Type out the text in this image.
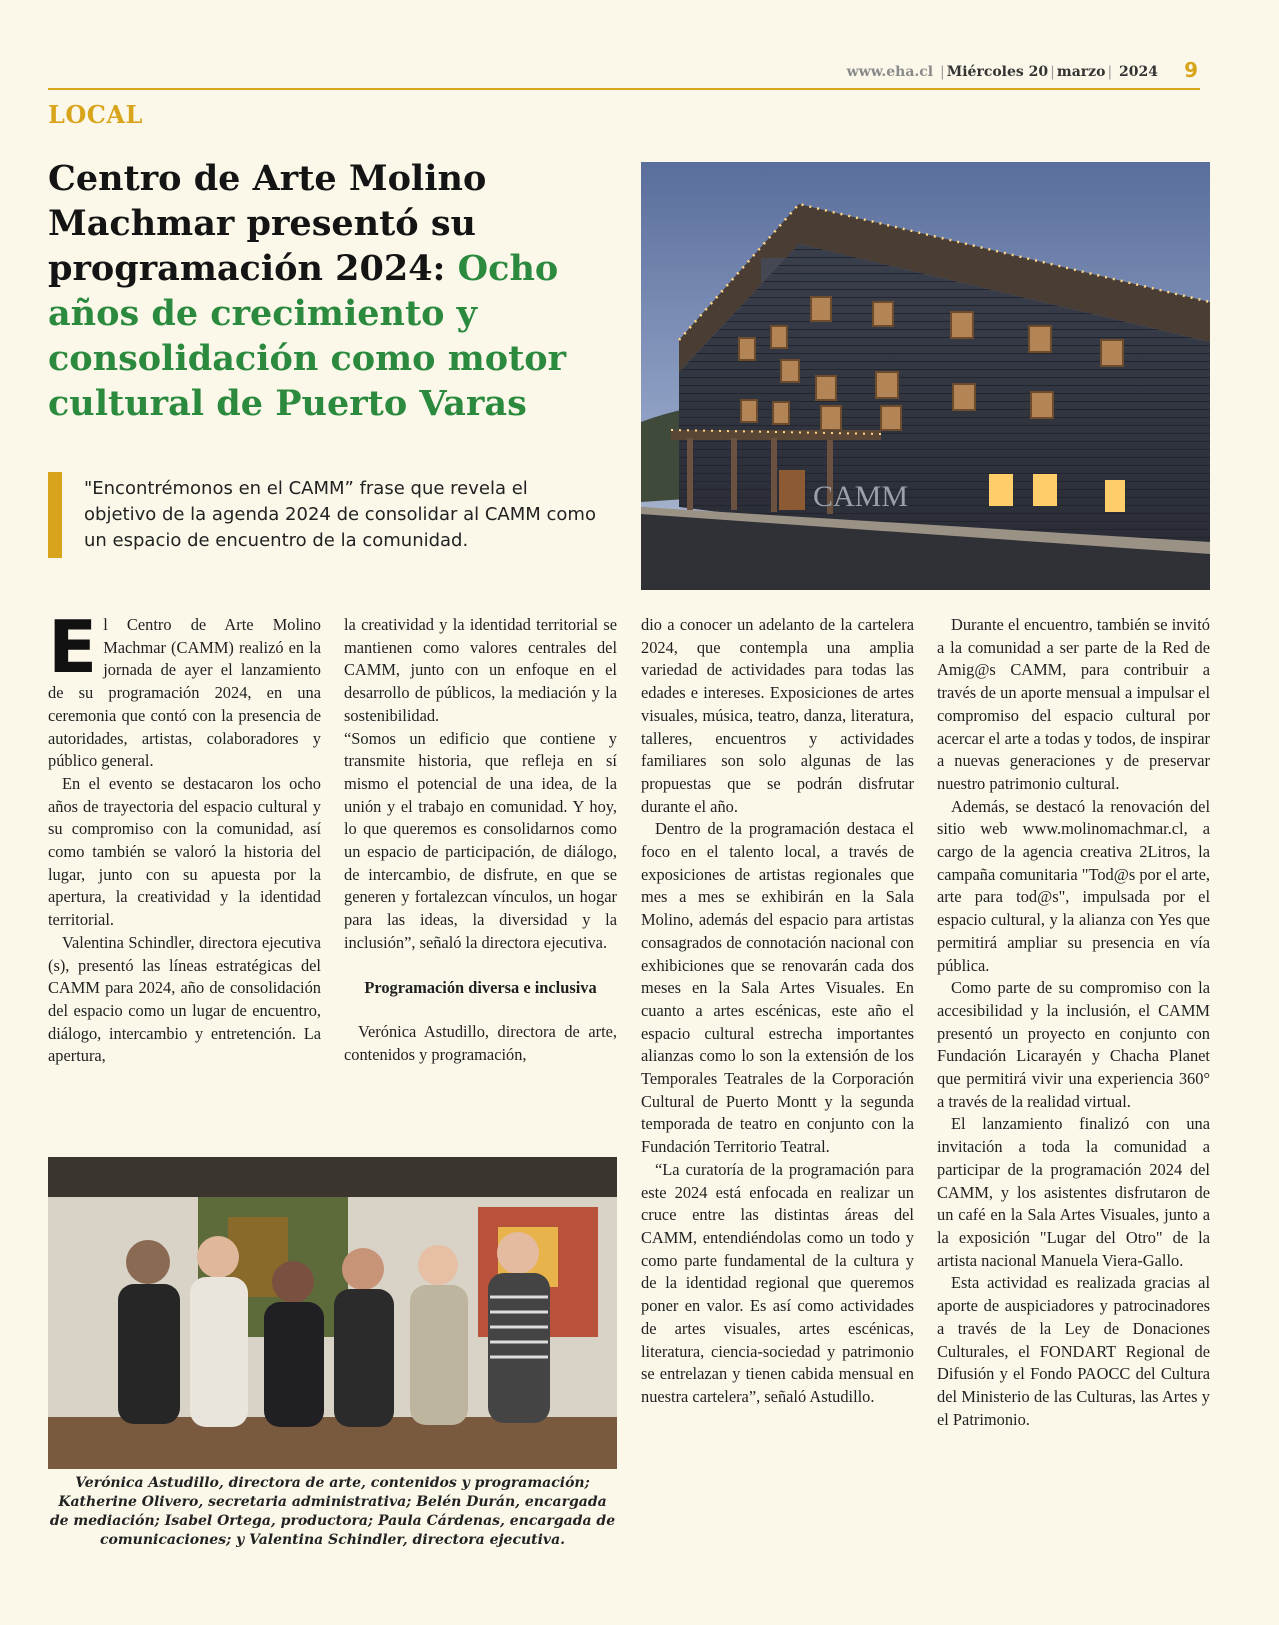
www.eha.cl | Miércoles 20 | marzo | 2024 9
LOCAL
Centro de Arte Molino Machmar presentó su programación 2024: Ocho años de crecimiento y consolidación como motor cultural de Puerto Varas
CAMM
"Encontrémonos en el CAMM” frase que revela el objetivo de la agenda 2024 de consolidar al CAMM como un espacio de encuentro de la comunidad.
E l Centro de Arte Molino Machmar (CAMM) realizó en la jornada de ayer el lanzamiento de su programación 2024, en una ceremonia que contó con la presencia de autoridades, artistas, colaboradores y público general.

En el evento se destacaron los ocho años de trayectoria del espacio cultural y su compromiso con la comunidad, así como también se valoró la historia del lugar, junto con su apuesta por la apertura, la creatividad y la identidad territorial.

Valentina Schindler, directora ejecutiva (s), presentó las líneas estratégicas del CAMM para 2024, año de consolidación del espacio como un lugar de encuentro, diálogo, intercambio y entretención. La apertura,

la creatividad y la identidad territorial se mantienen como valores centrales del CAMM, junto con un enfoque en el desarrollo de públicos, la mediación y la sostenibilidad.

“Somos un edificio que contiene y transmite historia, que refleja en sí mismo el potencial de una idea, de la unión y el trabajo en comunidad. Y hoy, lo que queremos es consolidarnos como un espacio de participación, de diálogo, de intercambio, de disfrute, en que se generen y fortalezcan vínculos, un hogar para las ideas, la diversidad y la inclusión”, señaló la directora ejecutiva.

Programación diversa e inclusiva

Verónica Astudillo, directora de arte, contenidos y programación,

dio a conocer un adelanto de la cartelera 2024, que contempla una amplia variedad de actividades para todas las edades e intereses. Exposiciones de artes visuales, música, teatro, danza, literatura, talleres, encuentros y actividades familiares son solo algunas de las propuestas que se podrán disfrutar durante el año.

Dentro de la programación destaca el foco en el talento local, a través de exposiciones de artistas regionales que mes a mes se exhibirán en la Sala Molino, además del espacio para artistas consagrados de connotación nacional con exhibiciones que se renovarán cada dos meses en la Sala Artes Visuales. En cuanto a artes escénicas, este año el espacio cultural estrecha importantes alianzas como lo son la extensión de los Temporales Teatrales de la Corporación Cultural de Puerto Montt y la segunda temporada de teatro en conjunto con la Fundación Territorio Teatral.

“La curatoría de la programación para este 2024 está enfocada en realizar un cruce entre las distintas áreas del CAMM, entendiéndolas como un todo y como parte fundamental de la cultura y de la identidad regional que queremos poner en valor. Es así como actividades de artes visuales, artes escénicas, literatura, ciencia-sociedad y patrimonio se entrelazan y tienen cabida mensual en nuestra cartelera”, señaló Astudillo.

Durante el encuentro, también se invitó a la comunidad a ser parte de la Red de Amig@s CAMM, para contribuir a través de un aporte mensual a impulsar el compromiso del espacio cultural por acercar el arte a todas y todos, de inspirar a nuevas generaciones y de preservar nuestro patrimonio cultural.

Además, se destacó la renovación del sitio web www.molinomachmar.cl, a cargo de la agencia creativa 2Litros, la campaña comunitaria "Tod@s por el arte, arte para tod@s", impulsada por el espacio cultural, y la alianza con Yes que permitirá ampliar su presencia en vía pública.

Como parte de su compromiso con la accesibilidad y la inclusión, el CAMM presentó un proyecto en conjunto con Fundación Licarayén y Chacha Planet que permitirá vivir una experiencia 360° a través de la realidad virtual.

El lanzamiento finalizó con una invitación a toda la comunidad a participar de la programación 2024 del CAMM, y los asistentes disfrutaron de un café en la Sala Artes Visuales, junto a la exposición "Lugar del Otro" de la artista nacional Manuela Viera-Gallo.

Esta actividad es realizada gracias al aporte de auspiciadores y patrocinadores a través de la Ley de Donaciones Culturales, el FONDART Regional de Difusión y el Fondo PAOCC del Cultura del Ministerio de las Culturas, las Artes y el Patrimonio.

Verónica Astudillo, directora de arte, contenidos y programación; Katherine Olivero, secretaria administrativa; Belén Durán, encargada de mediación; Isabel Ortega, productora; Paula Cárdenas, encargada de comunicaciones; y Valentina Schindler, directora ejecutiva.
